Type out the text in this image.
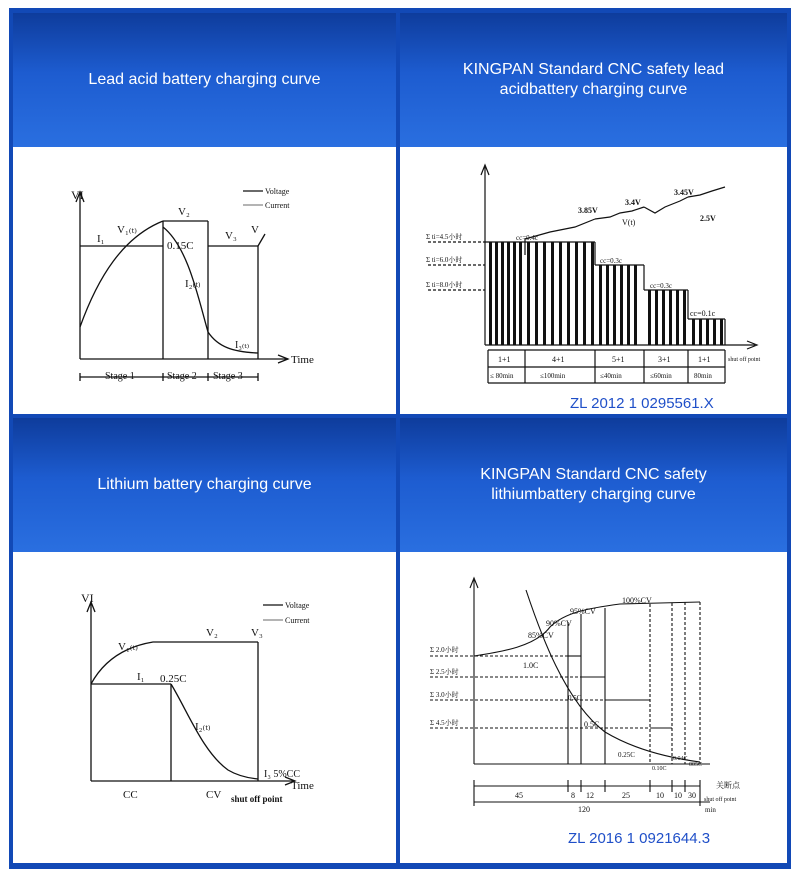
Lead acid battery charging curve
VI
Time
Voltage
Current
I₁
V₁₍ₜ₎
V₂
V₃ V
0.15C
I₂₍ₜ₎
I₃₍ₜ₎
Stage 1	Stage 2 Stage 3
KINGPAN Standard CNC safety lead
acidbattery charging curve
Σ ti=4.5小时
Σ ti=6.0小时
Σ ti=8.0小时
cc=0.4c
cc=0.3c
cc=0.3c
cc=0.1c
3.85V
3.4V
3.45V
2.5V
V(t)
1+1	4+1	5+1	3+1	1+1
≤ 80min	≤100min	≤40min	≤60min	80min
shut off point
ZL 2012 1 0295561.X
Lithium battery charging curve
VI
Time
Voltage
Current
V₁₍ₜ₎
V₂	V₃
I₁ 0.25C
I₂₍ₜ₎
I₃ 5%CC
CC	CV shut off point
KINGPAN Standard CNC safety
lithiumbattery charging curve
Σ 2.0小时
Σ 2.5小时
Σ 3.0小时
Σ 4.5小时
85%CV
90%CV
95%CV
100%CV
1.0C
0.5C
0.5C
0.25C
0.10C
0.04C
005C
45	8 12	25	10 10 30
120
关断点
shut off point
min
ZL 2016 1 0921644.3
